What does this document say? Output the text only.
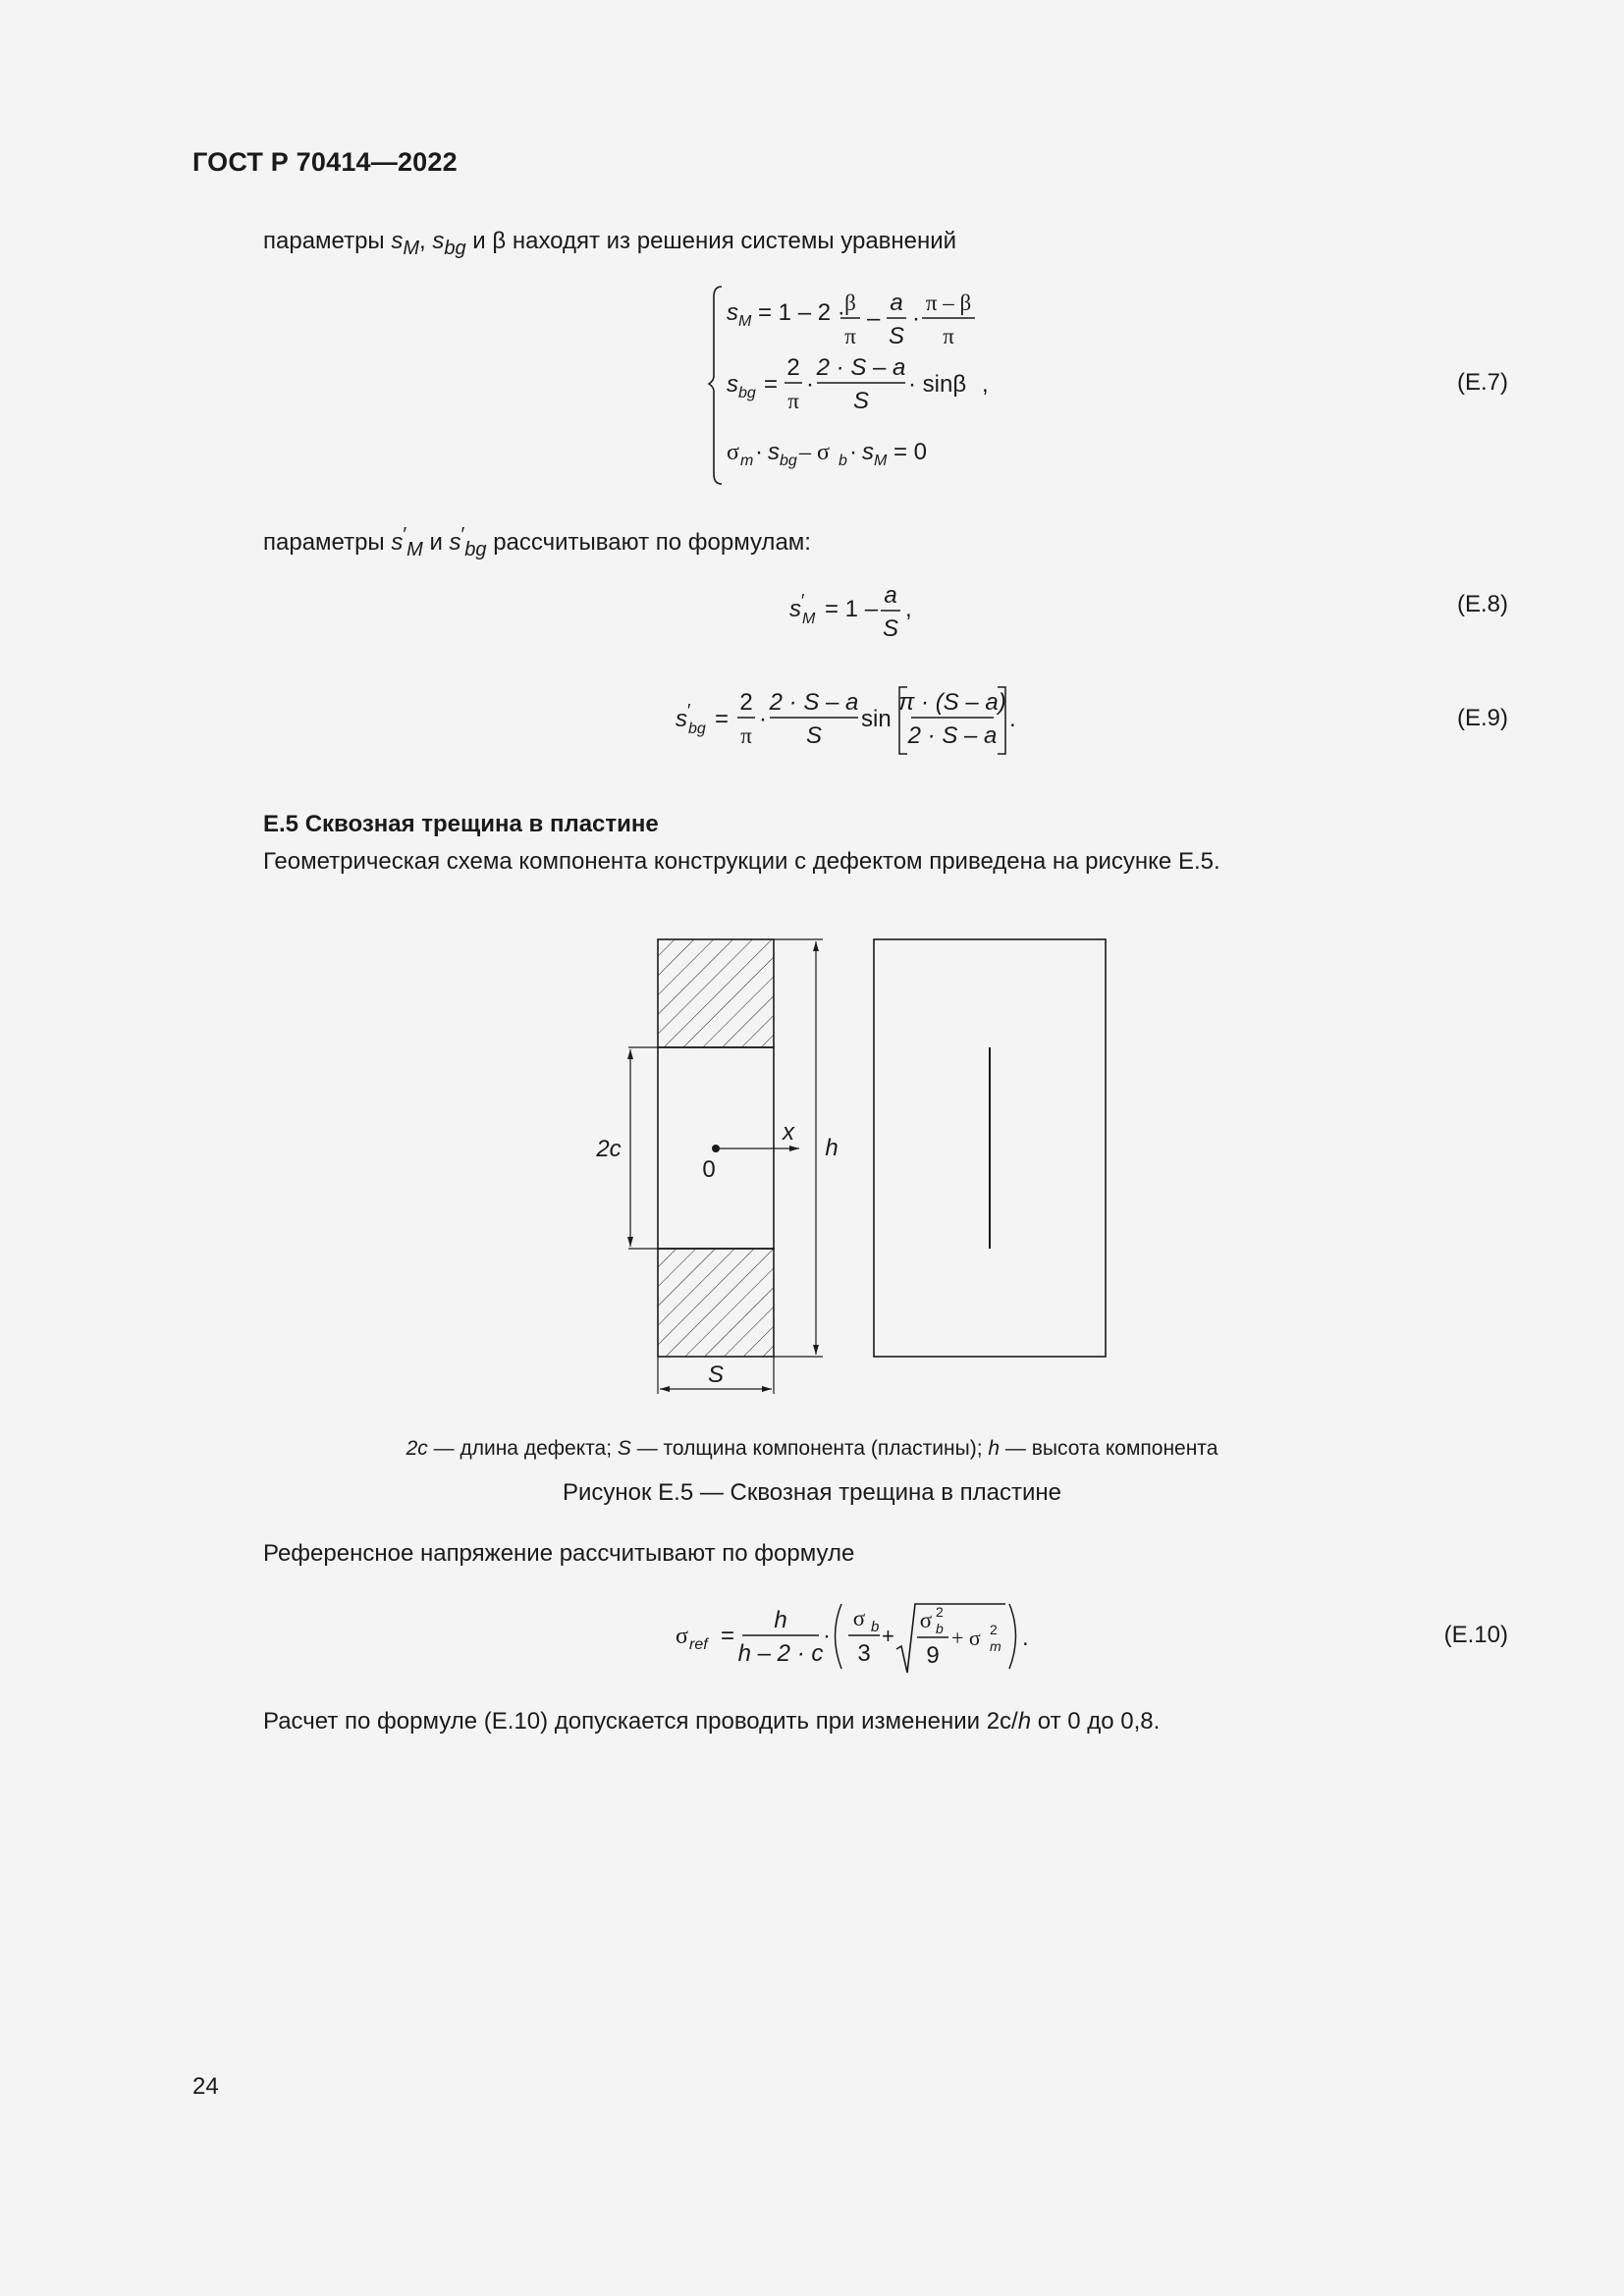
ГОСТ Р 70414—2022
параметры $s_M$, $s_{bg}$ и β находят из решения системы уравнений
s M = 1 – 2 · β
π
–
a
S
·
π – β
π
s bg =
2
π
·
2 · S – a
S
· sinβ ,
σ m · s bg – σ b · s M = 0
(Е.7)
параметры $s'_M$ и $s'_{bg}$ рассчитывают по формулам:
s ′
M = 1 –
a
S
,	(Е.8)
s ′
bg =
2
π
·
2 · S – a
S
sin
π · (S – a)
2 · S – a
.	(Е.9)
Е.5 Сквозная трещина в пластине
Геометрическая схема компонента конструкции с дефектом приведена на рисунке Е.5.
2c
0
x
h
S
2c — длина дефекта; S — толщина компонента (пластины); h — высота компонента
Рисунок Е.5 — Сквозная трещина в пластине
Референсное напряжение рассчитывают по формуле
σ ref =
h
h – 2 · c
·
σ b
3
+
σ 2
b
9
+ σ 2
m .	(Е.10)
Расчет по формуле (Е.10) допускается проводить при изменении 2c/h от 0 до 0,8.
24
